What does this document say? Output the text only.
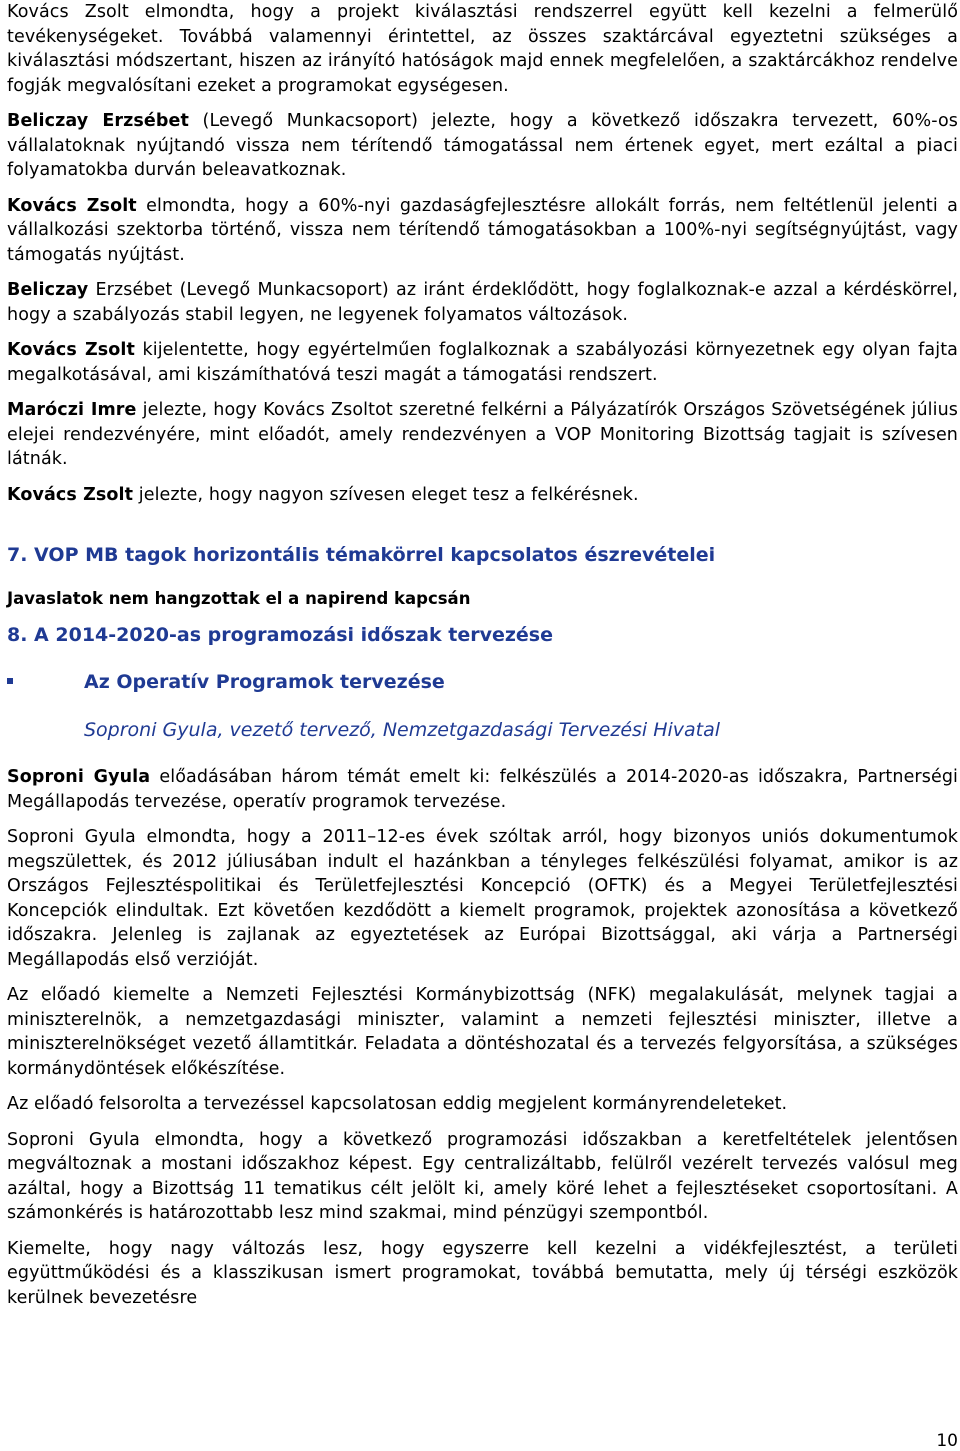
Kovács Zsolt elmondta, hogy a projekt kiválasztási rendszerrel együtt kell kezelni a felmerülő tevékenységeket. Továbbá valamennyi érintettel, az összes szaktárcával egyeztetni szükséges a kiválasztási módszertant, hiszen az irányító hatóságok majd ennek megfelelően, a szaktárcákhoz rendelve fogják megvalósítani ezeket a programokat egységesen.

Beliczay Erzsébet (Levegő Munkacsoport) jelezte, hogy a következő időszakra tervezett, 60%-os vállalatoknak nyújtandó vissza nem térítendő támogatással nem értenek egyet, mert ezáltal a piaci folyamatokba durván beleavatkoznak.

Kovács Zsolt elmondta, hogy a 60%-nyi gazdaságfejlesztésre allokált forrás, nem feltétlenül jelenti a vállalkozási szektorba történő, vissza nem térítendő támogatásokban a 100%-nyi segítségnyújtást, vagy támogatás nyújtást.

Beliczay Erzsébet (Levegő Munkacsoport) az iránt érdeklődött, hogy foglalkoznak-e azzal a kérdéskörrel, hogy a szabályozás stabil legyen, ne legyenek folyamatos változások.

Kovács Zsolt kijelentette, hogy egyértelműen foglalkoznak a szabályozási környezetnek egy olyan fajta megalkotásával, ami kiszámíthatóvá teszi magát a támogatási rendszert.

Maróczi Imre jelezte, hogy Kovács Zsoltot szeretné felkérni a Pályázatírók Országos Szövetségének július elejei rendezvényére, mint előadót, amely rendezvényen a VOP Monitoring Bizottság tagjait is szívesen látnák.

Kovács Zsolt jelezte, hogy nagyon szívesen eleget tesz a felkérésnek.

7. VOP MB tagok horizontális témakörrel kapcsolatos észrevételei

Javaslatok nem hangzottak el a napirend kapcsán

8. A 2014-2020-as programozási időszak tervezése
Az Operatív Programok tervezése

Soproni Gyula, vezető tervező, Nemzetgazdasági Tervezési Hivatal

Soproni Gyula előadásában három témát emelt ki: felkészülés a 2014-2020-as időszakra, Partnerségi Megállapodás tervezése, operatív programok tervezése.

Soproni Gyula elmondta, hogy a 2011–12-es évek szóltak arról, hogy bizonyos uniós dokumentumok megszülettek, és 2012 júliusában indult el hazánkban a tényleges felkészülési folyamat, amikor is az Országos Fejlesztéspolitikai és Területfejlesztési Koncepció (OFTK) és a Megyei Területfejlesztési Koncepciók elindultak. Ezt követően kezdődött a kiemelt programok, projektek azonosítása a következő időszakra. Jelenleg is zajlanak az egyeztetések az Európai Bizottsággal, aki várja a Partnerségi Megállapodás első verzióját.

Az előadó kiemelte a Nemzeti Fejlesztési Kormánybizottság (NFK) megalakulását, melynek tagjai a miniszterelnök, a nemzetgazdasági miniszter, valamint a nemzeti fejlesztési miniszter, illetve a miniszterelnökséget vezető államtitkár. Feladata a döntéshozatal és a tervezés felgyorsítása, a szükséges kormánydöntések előkészítése.

Az előadó felsorolta a tervezéssel kapcsolatosan eddig megjelent kormányrendeleteket.

Soproni Gyula elmondta, hogy a következő programozási időszakban a keretfeltételek jelentősen megváltoznak a mostani időszakhoz képest. Egy centralizáltabb, felülről vezérelt tervezés valósul meg azáltal, hogy a Bizottság 11 tematikus célt jelölt ki, amely köré lehet a fejlesztéseket csoportosítani. A számonkérés is határozottabb lesz mind szakmai, mind pénzügyi szempontból.

Kiemelte, hogy nagy változás lesz, hogy egyszerre kell kezelni a vidékfejlesztést, a területi együttműködési és a klasszikusan ismert programokat, továbbá bemutatta, mely új térségi eszközök kerülnek bevezetésre

10
